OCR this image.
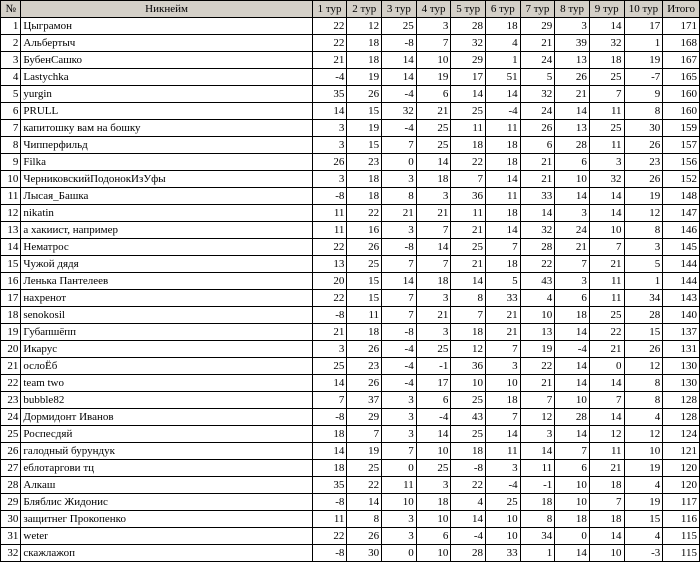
№	Никнейм	1 тур	2 тур	3 тур	4 тур	5 тур	6 тур	7 тур	8 тур	9 тур	10 тур	Итого
1	Цыграмон	22	12	25	3	28	18	29	3	14	17	171
2	Альбертыч	22	18	-8	7	32	4	21	39	32	1	168
3	БубенСашко	21	18	14	10	29	1	24	13	18	19	167
4	Lastychka	-4	19	14	19	17	51	5	26	25	-7	165
5	yurgin	35	26	-4	6	14	14	32	21	7	9	160
6	PRULL	14	15	32	21	25	-4	24	14	11	8	160
7	капитошку вам на бошку	3	19	-4	25	11	11	26	13	25	30	159
8	Чипперфильд	3	15	7	25	18	18	6	28	11	26	157
9	Filka	26	23	0	14	22	18	21	6	3	23	156
10	ЧерниковскийПодонокИзУфы	3	18	3	18	7	14	21	10	32	26	152
11	Лысая_Башка	-8	18	8	3	36	11	33	14	14	19	148
12	nikatin	11	22	21	21	11	18	14	3	14	12	147
13	а хакиист, например	11	16	3	7	21	14	32	24	10	8	146
14	Нематрос	22	26	-8	14	25	7	28	21	7	3	145
15	Чужой дядя	13	25	7	7	21	18	22	7	21	5	144
16	Ленька Пантелеев	20	15	14	18	14	5	43	3	11	1	144
17	нахренот	22	15	7	3	8	33	4	6	11	34	143
18	senokosil	-8	11	7	21	7	21	10	18	25	28	140
19	Губапшёпп	21	18	-8	3	18	21	13	14	22	15	137
20	Икарус	3	26	-4	25	12	7	19	-4	21	26	131
21	ослоЁб	25	23	-4	-1	36	3	22	14	0	12	130
22	team two	14	26	-4	17	10	10	21	14	14	8	130
23	bubble82	7	37	3	6	25	18	7	10	7	8	128
24	Дормидонт Иванов	-8	29	3	-4	43	7	12	28	14	4	128
25	Роспесдяй	18	7	3	14	25	14	3	14	12	12	124
26	галодный бурундук	14	19	7	10	18	11	14	7	11	10	121
27	еблотаргови тц	18	25	0	25	-8	3	11	6	21	19	120
28	Алкаш	35	22	11	3	22	-4	-1	10	18	4	120
29	Бляблис Жидонис	-8	14	10	18	4	25	18	10	7	19	117
30	защитнег Прокопенко	11	8	3	10	14	10	8	18	18	15	116
31	weter	22	26	3	6	-4	10	34	0	14	4	115
32	скажлажоп	-8	30	0	10	28	33	1	14	10	-3	115
